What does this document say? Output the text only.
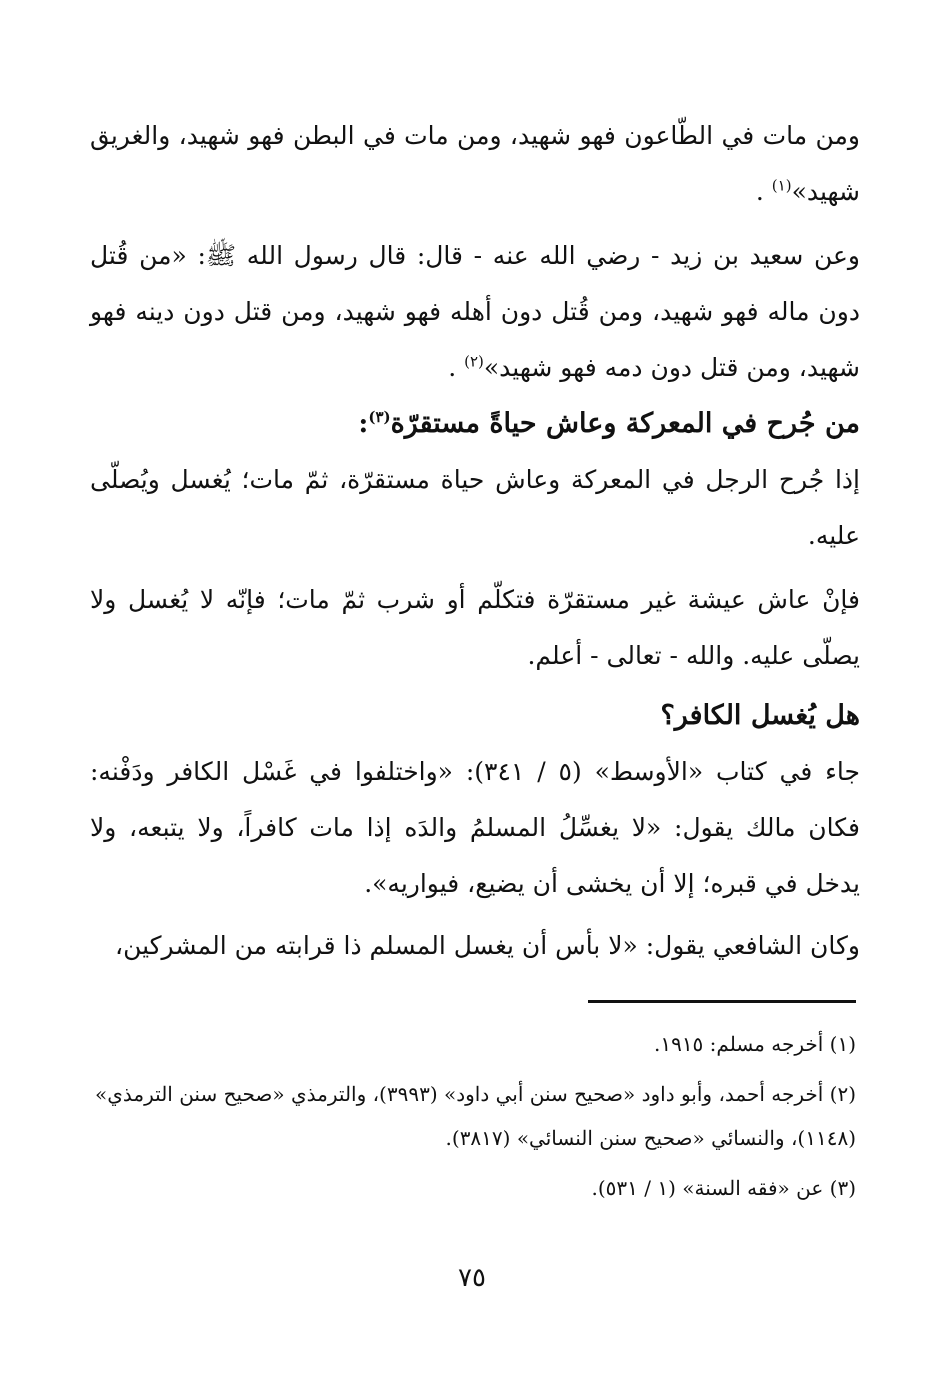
ومن مات في الطّاعون فهو شهيد، ومن مات في البطن فهو شهيد، والغريق شهيد»$^{(١)}$ .

وعن سعيد بن زيد - رضي الله عنه - قال: قال رسول الله ﷺ: «من قُتل دون ماله فهو شهيد، ومن قُتل دون أهله فهو شهيد، ومن قتل دون دينه فهو شهيد، ومن قتل دون دمه فهو شهيد»$^{(٢)}$ .

من جُرح في المعركة وعاش حياةً مستقرّة$^{(٣)}$:

إذا جُرح الرجل في المعركة وعاش حياة مستقرّة، ثمّ مات؛ يُغسل ويُصلّى عليه.

فإنْ عاش عيشة غير مستقرّة فتكلّم أو شرب ثمّ مات؛ فإنّه لا يُغسل ولا يصلّى عليه. والله - تعالى - أعلم.

هل يُغسل الكافر؟

جاء في كتاب «الأوسط» (٥ / ٣٤١): «واختلفوا في غَسْل الكافر ودَفْنه: فكان مالك يقول: «لا يغسِّلُ المسلمُ والدَه إذا مات كافراً، ولا يتبعه، ولا يدخل في قبره؛ إلا أن يخشى أن يضيع، فيواريه».

وكان الشافعي يقول: «لا بأس أن يغسل المسلم ذا قرابته من المشركين،

(١) أخرجه مسلم: ١٩١٥.

(٢) أخرجه أحمد، وأبو داود «صحيح سنن أبي داود» (٣٩٩٣)، والترمذي «صحيح سنن الترمذي» (١١٤٨)، والنسائي «صحيح سنن النسائي» (٣٨١٧).

(٣) عن «فقه السنة» (١ / ٥٣١).

٧٥
